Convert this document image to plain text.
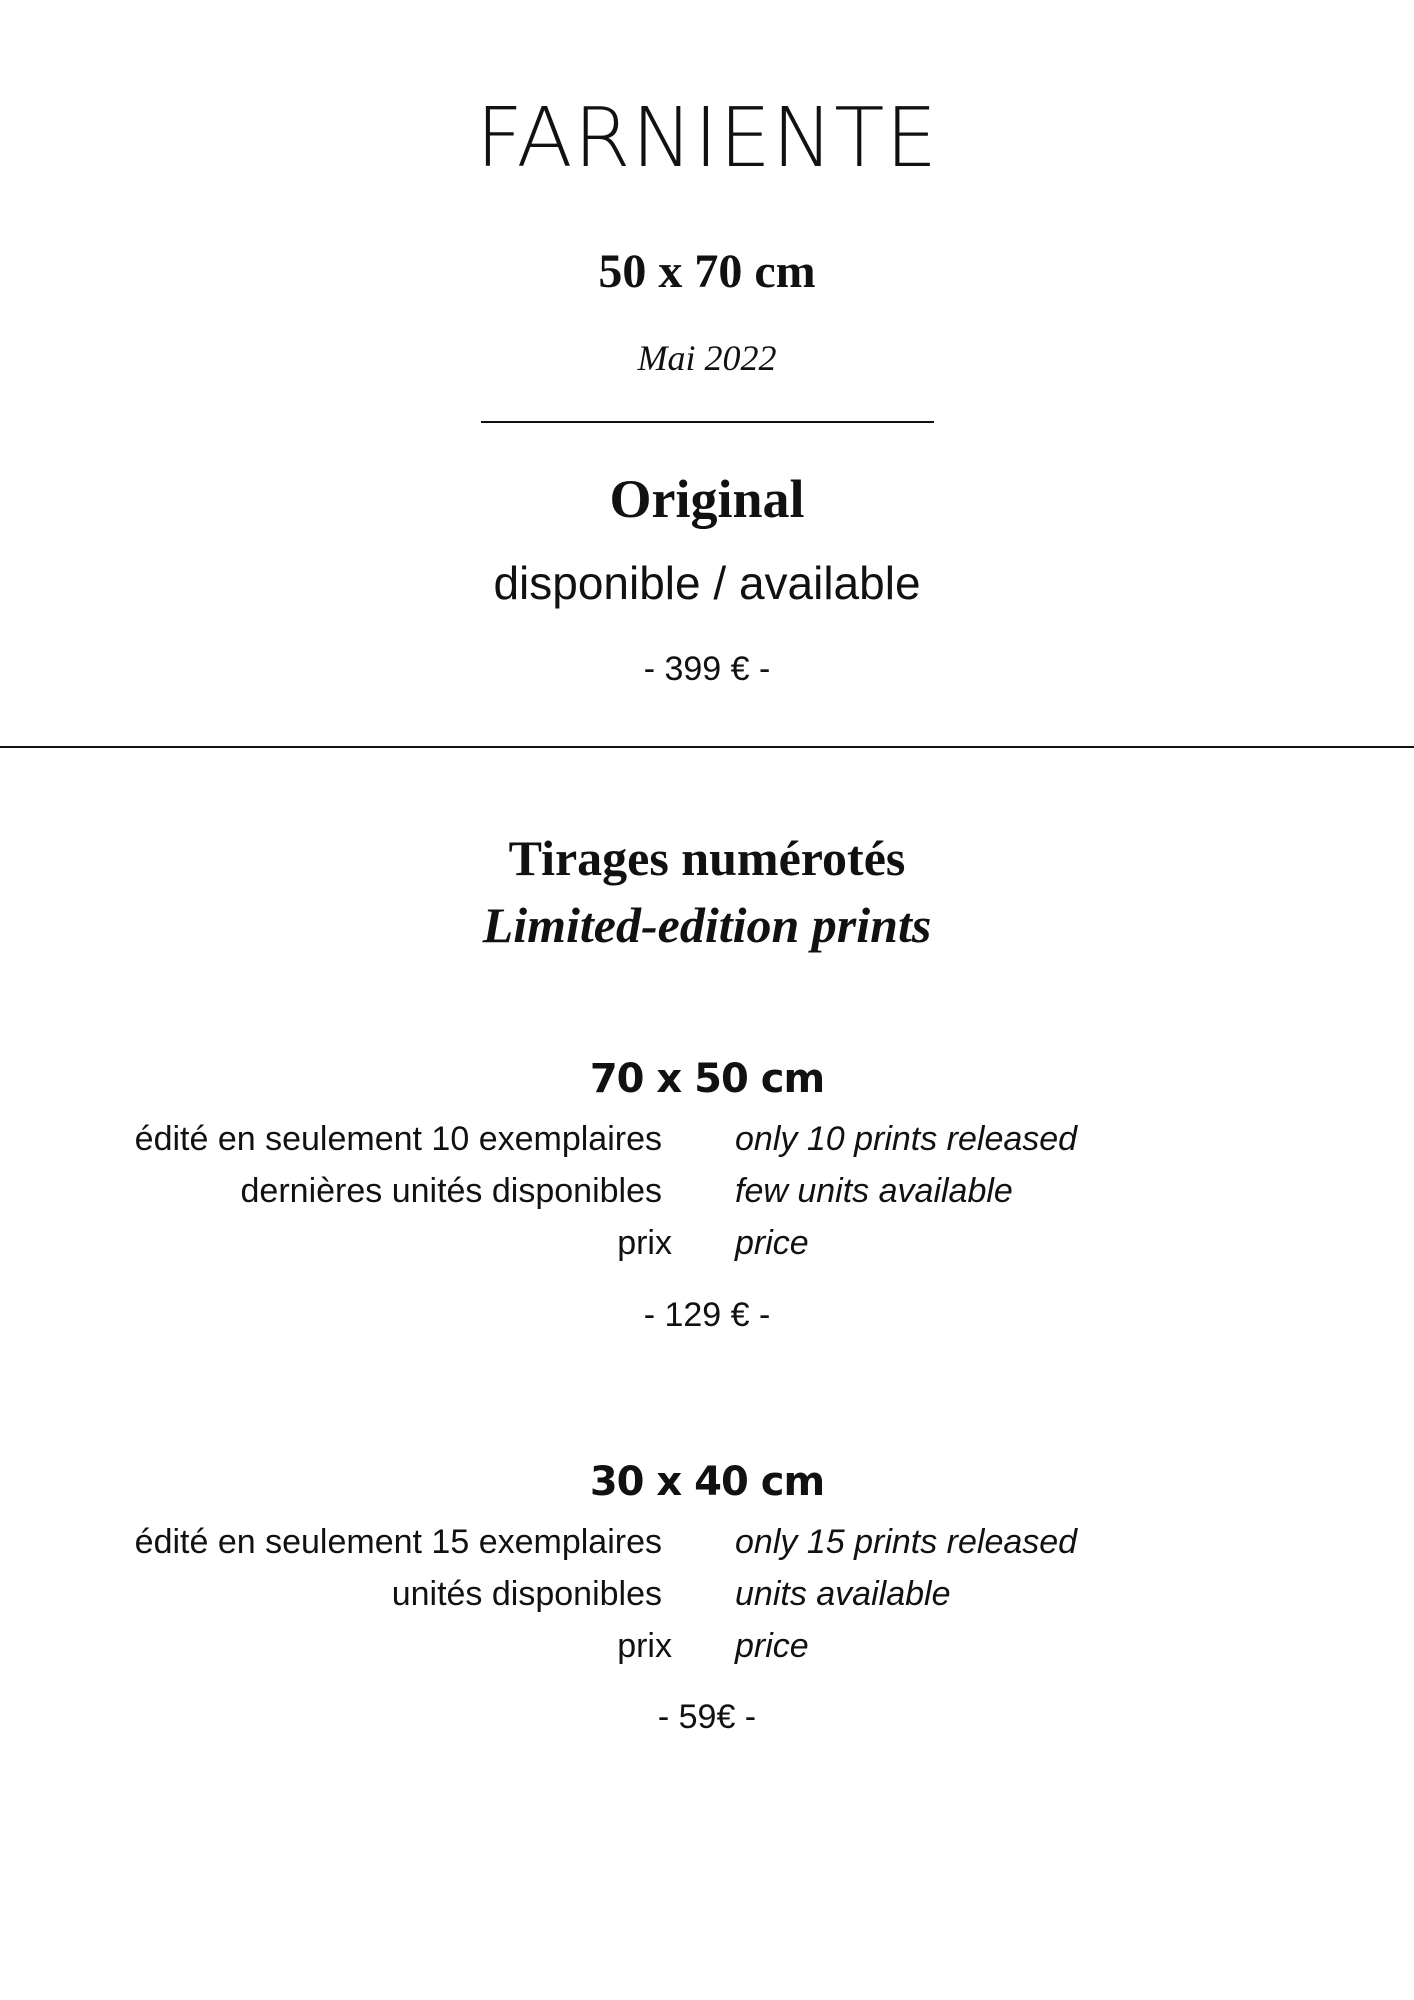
FARNIENTE
50 x 70 cm
Mai 2022
Original
disponible / available
- 399 € -
Tirages numérotés
Limited-edition prints
70 x 50 cm
édité en seulement 10 exemplaires only 10 prints released
dernières unités disponibles few units available
prix price
- 129 € -
30 x 40 cm
édité en seulement 15 exemplaires only 15 prints released
unités disponibles units available
prix price
- 59€ -
